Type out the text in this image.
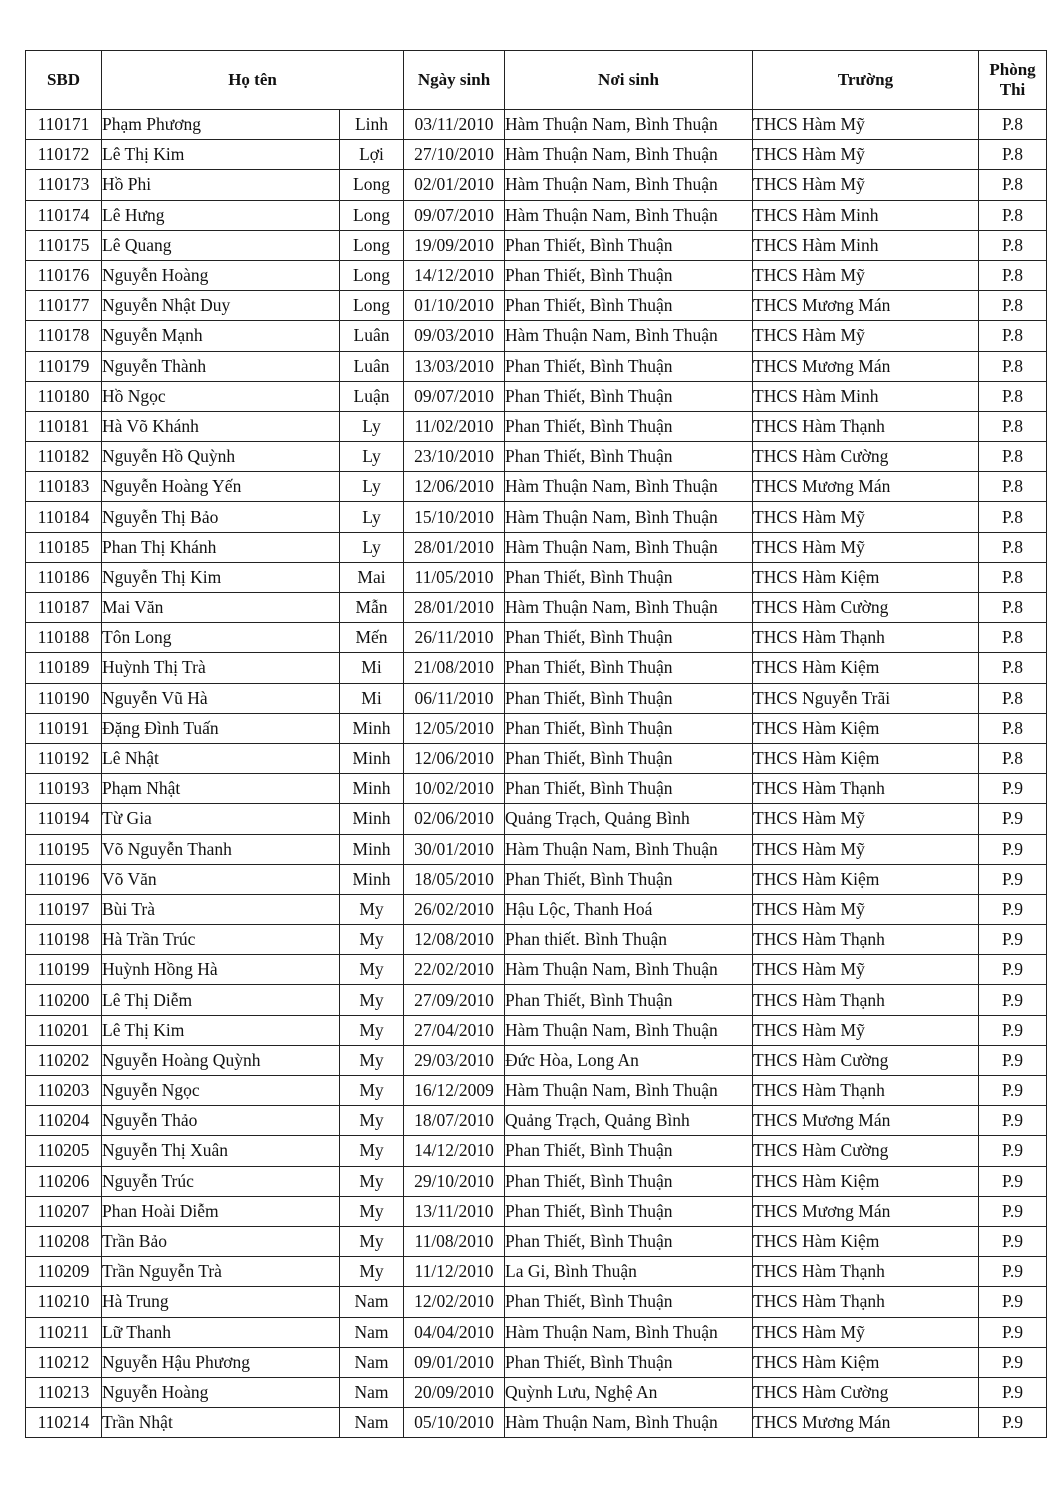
SBD	Họ tên		Ngày sinh	Nơi sinh	Trường	Phòng
Thi

110171	Phạm Phương	Linh	03/11/2010	Hàm Thuận Nam, Bình Thuận	THCS Hàm Mỹ	P.8
110172	Lê Thị Kim	Lợi	27/10/2010	Hàm Thuận Nam, Bình Thuận	THCS Hàm Mỹ	P.8
110173	Hồ Phi	Long	02/01/2010	Hàm Thuận Nam, Bình Thuận	THCS Hàm Mỹ	P.8
110174	Lê Hưng	Long	09/07/2010	Hàm Thuận Nam, Bình Thuận	THCS Hàm Minh	P.8
110175	Lê Quang	Long	19/09/2010	Phan Thiết, Bình Thuận	THCS Hàm Minh	P.8
110176	Nguyễn Hoàng	Long	14/12/2010	Phan Thiết, Bình Thuận	THCS Hàm Mỹ	P.8
110177	Nguyễn Nhật Duy	Long	01/10/2010	Phan Thiết, Bình Thuận	THCS Mương Mán	P.8
110178	Nguyễn Mạnh	Luân	09/03/2010	Hàm Thuận Nam, Bình Thuận	THCS Hàm Mỹ	P.8
110179	Nguyễn Thành	Luân	13/03/2010	Phan Thiết, Bình Thuận	THCS Mương Mán	P.8
110180	Hồ Ngọc	Luận	09/07/2010	Phan Thiết, Bình Thuận	THCS Hàm Minh	P.8
110181	Hà Võ Khánh	Ly	11/02/2010	Phan Thiết, Bình Thuận	THCS Hàm Thạnh	P.8
110182	Nguyễn Hồ Quỳnh	Ly	23/10/2010	Phan Thiết, Bình Thuận	THCS Hàm Cường	P.8
110183	Nguyễn Hoàng Yến	Ly	12/06/2010	Hàm Thuận Nam, Bình Thuận	THCS Mương Mán	P.8
110184	Nguyễn Thị Bảo	Ly	15/10/2010	Hàm Thuận Nam, Bình Thuận	THCS Hàm Mỹ	P.8
110185	Phan Thị Khánh	Ly	28/01/2010	Hàm Thuận Nam, Bình Thuận	THCS Hàm Mỹ	P.8
110186	Nguyễn Thị Kim	Mai	11/05/2010	Phan Thiết, Bình Thuận	THCS Hàm Kiệm	P.8
110187	Mai Văn	Mẫn	28/01/2010	Hàm Thuận Nam, Bình Thuận	THCS Hàm Cường	P.8
110188	Tôn Long	Mến	26/11/2010	Phan Thiết, Bình Thuận	THCS Hàm Thạnh	P.8
110189	Huỳnh Thị Trà	Mi	21/08/2010	Phan Thiết, Bình Thuận	THCS Hàm Kiệm	P.8
110190	Nguyễn Vũ Hà	Mi	06/11/2010	Phan Thiết, Bình Thuận	THCS Nguyễn Trãi	P.8
110191	Đặng Đình Tuấn	Minh	12/05/2010	Phan Thiết, Bình Thuận	THCS Hàm Kiệm	P.8
110192	Lê Nhật	Minh	12/06/2010	Phan Thiết, Bình Thuận	THCS Hàm Kiệm	P.8
110193	Phạm Nhật	Minh	10/02/2010	Phan Thiết, Bình Thuận	THCS Hàm Thạnh	P.9
110194	Từ Gia	Minh	02/06/2010	Quảng Trạch, Quảng Bình	THCS Hàm Mỹ	P.9
110195	Võ Nguyễn Thanh	Minh	30/01/2010	Hàm Thuận Nam, Bình Thuận	THCS Hàm Mỹ	P.9
110196	Võ Văn	Minh	18/05/2010	Phan Thiết, Bình Thuận	THCS Hàm Kiệm	P.9
110197	Bùi Trà	My	26/02/2010	Hậu Lộc, Thanh Hoá	THCS Hàm Mỹ	P.9
110198	Hà Trần Trúc	My	12/08/2010	Phan thiết. Bình Thuận	THCS Hàm Thạnh	P.9
110199	Huỳnh Hồng Hà	My	22/02/2010	Hàm Thuận Nam, Bình Thuận	THCS Hàm Mỹ	P.9
110200	Lê Thị Diễm	My	27/09/2010	Phan Thiết, Bình Thuận	THCS Hàm Thạnh	P.9
110201	Lê Thị Kim	My	27/04/2010	Hàm Thuận Nam, Bình Thuận	THCS Hàm Mỹ	P.9
110202	Nguyễn Hoàng Quỳnh	My	29/03/2010	Đức Hòa, Long An	THCS Hàm Cường	P.9
110203	Nguyễn Ngọc	My	16/12/2009	Hàm Thuận Nam, Bình Thuận	THCS Hàm Thạnh	P.9
110204	Nguyễn Thảo	My	18/07/2010	Quảng Trạch, Quảng Bình	THCS Mương Mán	P.9
110205	Nguyễn Thị Xuân	My	14/12/2010	Phan Thiết, Bình Thuận	THCS Hàm Cường	P.9
110206	Nguyễn Trúc	My	29/10/2010	Phan Thiết, Bình Thuận	THCS Hàm Kiệm	P.9
110207	Phan Hoài Diễm	My	13/11/2010	Phan Thiết, Bình Thuận	THCS Mương Mán	P.9
110208	Trần Bảo	My	11/08/2010	Phan Thiết, Bình Thuận	THCS Hàm Kiệm	P.9
110209	Trần Nguyễn Trà	My	11/12/2010	La Gi, Bình Thuận	THCS Hàm Thạnh	P.9
110210	Hà Trung	Nam	12/02/2010	Phan Thiết, Bình Thuận	THCS Hàm Thạnh	P.9
110211	Lữ Thanh	Nam	04/04/2010	Hàm Thuận Nam, Bình Thuận	THCS Hàm Mỹ	P.9
110212	Nguyễn Hậu Phương	Nam	09/01/2010	Phan Thiết, Bình Thuận	THCS Hàm Kiệm	P.9
110213	Nguyễn Hoàng	Nam	20/09/2010	Quỳnh Lưu, Nghệ An	THCS Hàm Cường	P.9
110214	Trần Nhật	Nam	05/10/2010	Hàm Thuận Nam, Bình Thuận	THCS Mương Mán	P.9
